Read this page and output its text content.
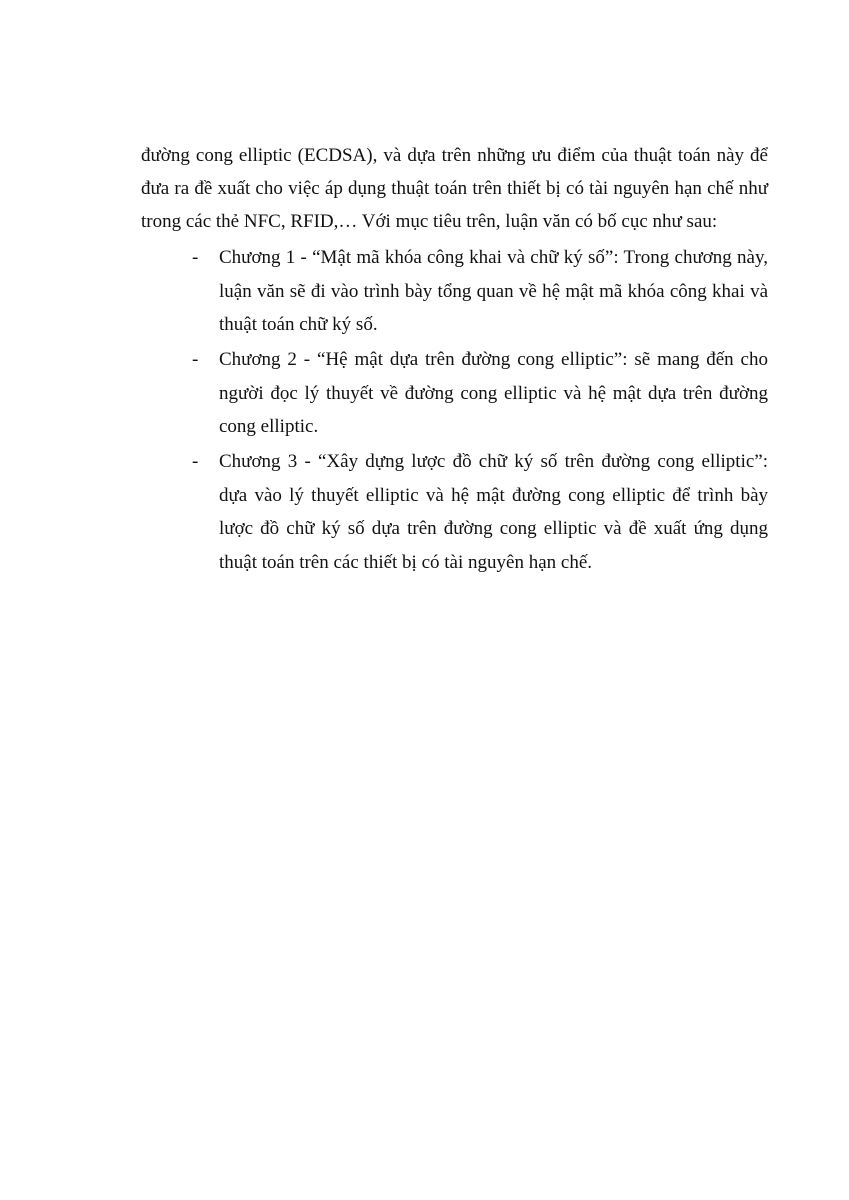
đường cong elliptic (ECDSA), và dựa trên những ưu điểm của thuật toán này để đưa ra đề xuất cho việc áp dụng thuật toán trên thiết bị có tài nguyên hạn chế như trong các thẻ NFC, RFID,… Với mục tiêu trên, luận văn có bố cục như sau:

- Chương 1 - “Mật mã khóa công khai và chữ ký số”: Trong chương này, luận văn sẽ đi vào trình bày tổng quan về hệ mật mã khóa công khai và thuật toán chữ ký số.
- Chương 2 - “Hệ mật dựa trên đường cong elliptic”: sẽ mang đến cho người đọc lý thuyết về đường cong elliptic và hệ mật dựa trên đường cong elliptic.
- Chương 3 - “Xây dựng lược đồ chữ ký số trên đường cong elliptic”: dựa vào lý thuyết elliptic và hệ mật đường cong elliptic để trình bày lược đồ chữ ký số dựa trên đường cong elliptic và đề xuất ứng dụng thuật toán trên các thiết bị có tài nguyên hạn chế.
